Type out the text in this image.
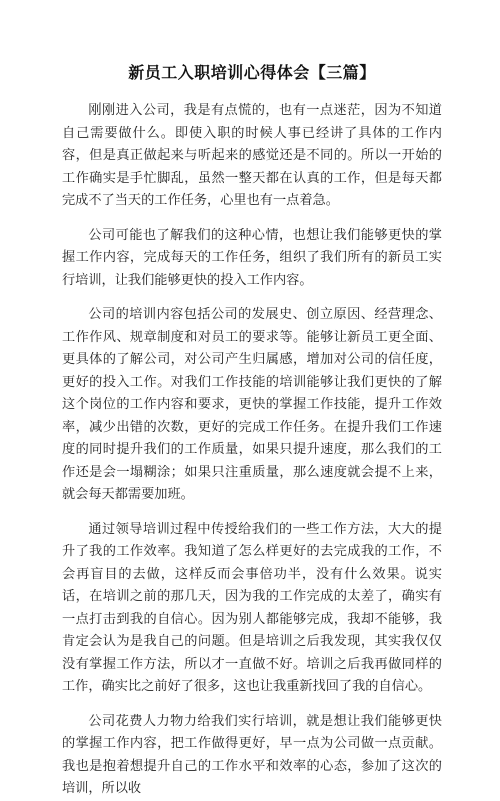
新员工入职培训心得体会【三篇】

刚刚进入公司，我是有点慌的，也有一点迷茫，因为不知道自己需要做什么。即使入职的时候人事已经讲了具体的工作内容，但是真正做起来与听起来的感觉还是不同的。所以一开始的工作确实是手忙脚乱，虽然一整天都在认真的工作，但是每天都完成不了当天的工作任务，心里也有一点着急。

公司可能也了解我们的这种心情，也想让我们能够更快的掌握工作内容，完成每天的工作任务，组织了我们所有的新员工实行培训，让我们能够更快的投入工作内容。

公司的培训内容包括公司的发展史、创立原因、经营理念、工作作风、规章制度和对员工的要求等。能够让新员工更全面、更具体的了解公司，对公司产生归属感，增加对公司的信任度，更好的投入工作。对我们工作技能的培训能够让我们更快的了解这个岗位的工作内容和要求，更快的掌握工作技能，提升工作效率，减少出错的次数，更好的完成工作任务。在提升我们工作速度的同时提升我们的工作质量，如果只提升速度，那么我们的工作还是会一塌糊涂；如果只注重质量，那么速度就会提不上来，就会每天都需要加班。

通过领导培训过程中传授给我们的一些工作方法，大大的提升了我的工作效率。我知道了怎么样更好的去完成我的工作，不会再盲目的去做，这样反而会事倍功半，没有什么效果。说实话，在培训之前的那几天，因为我的工作完成的太差了，确实有一点打击到我的自信心。因为别人都能够完成，我却不能够，我肯定会认为是我自己的问题。但是培训之后我发现，其实我仅仅没有掌握工作方法，所以才一直做不好。培训之后我再做同样的工作，确实比之前好了很多，这也让我重新找回了我的自信心。

公司花费人力物力给我们实行培训，就是想让我们能够更快的掌握工作内容，把工作做得更好，早一点为公司做一点贡献。我也是抱着想提升自己的工作水平和效率的心态，参加了这次的培训，所以收
